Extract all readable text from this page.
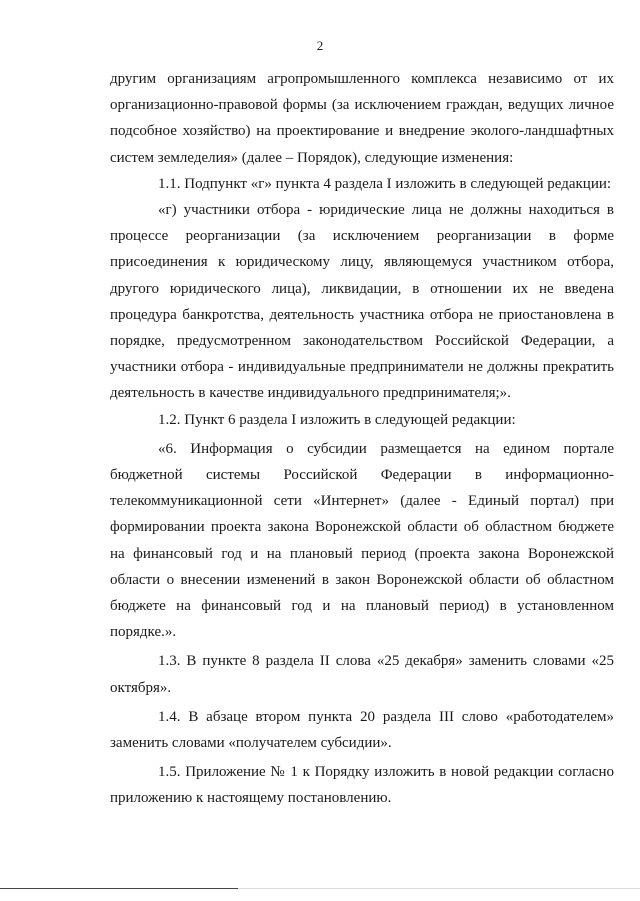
2

другим организациям агропромышленного комплекса независимо от их организационно-правовой формы (за исключением граждан, ведущих личное подсобное хозяйство) на проектирование и внедрение эколого-ландшафтных систем земледелия» (далее – Порядок), следующие изменения:

1.1. Подпункт «г» пункта 4 раздела I изложить в следующей редакции:

«г) участники отбора - юридические лица не должны находиться в процессе реорганизации (за исключением реорганизации в форме присоединения к юридическому лицу, являющемуся участником отбора, другого юридического лица), ликвидации, в отношении их не введена процедура банкротства, деятельность участника отбора не приостановлена в порядке, предусмотренном законодательством Российской Федерации, а участники отбора - индивидуальные предприниматели не должны прекратить деятельность в качестве индивидуального предпринимателя;».

1.2. Пункт 6 раздела I изложить в следующей редакции:

«6. Информация о субсидии размещается на едином портале бюджетной системы Российской Федерации в информационно-телекоммуникационной сети «Интернет» (далее - Единый портал) при формировании проекта закона Воронежской области об областном бюджете на финансовый год и на плановый период (проекта закона Воронежской области о внесении изменений в закон Воронежской области об областном бюджете на финансовый год и на плановый период) в установленном порядке.».

1.3. В пункте 8 раздела II слова «25 декабря» заменить словами «25 октября».

1.4. В абзаце втором пункта 20 раздела III слово «работодателем» заменить словами «получателем субсидии».

1.5. Приложение № 1 к Порядку изложить в новой редакции согласно приложению к настоящему постановлению.
